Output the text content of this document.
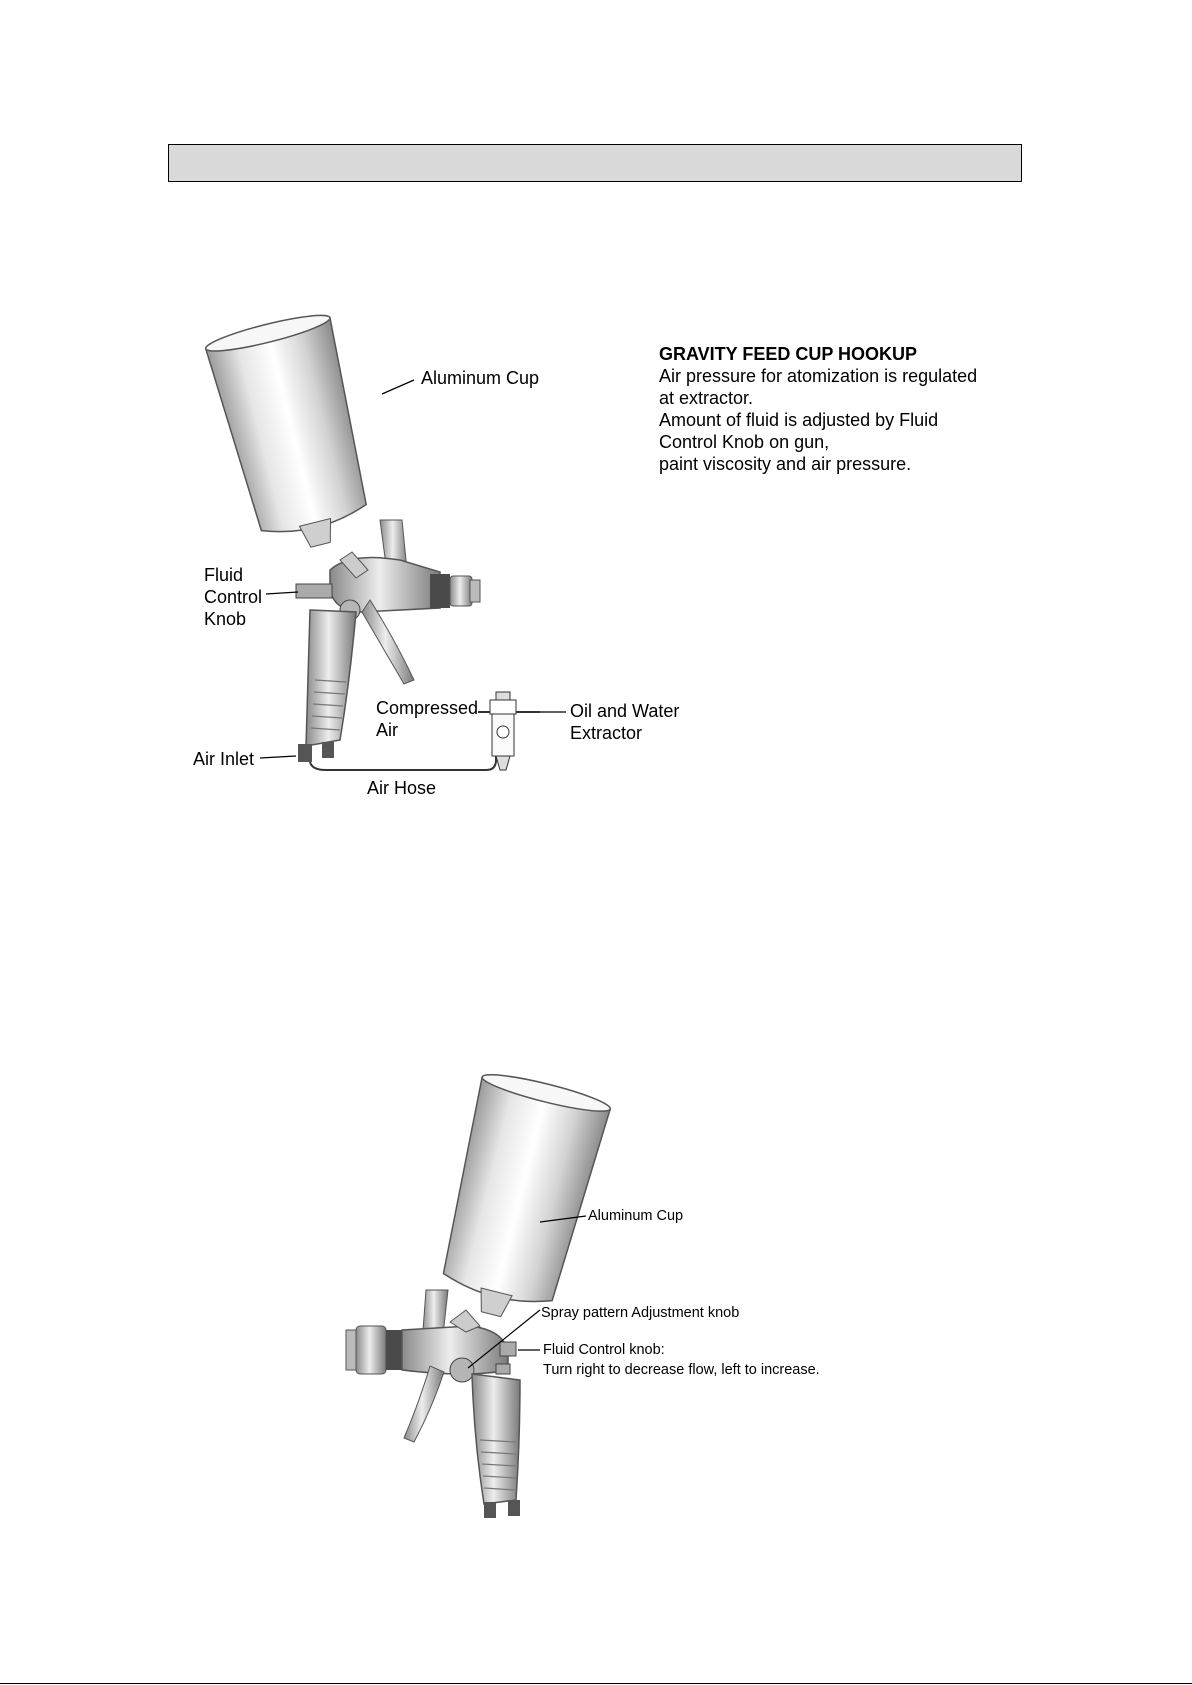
Aluminum Cup
Fluid
Control
Knob
Compressed
Air
Oil and Water
Extractor
Air Inlet
Air Hose
GRAVITY FEED CUP HOOKUP
Air pressure for atomization is regulated
at extractor.
Amount of fluid is adjusted by Fluid
Control Knob on gun,
paint viscosity and air pressure.
Aluminum Cup
Spray pattern Adjustment knob
Fluid Control knob:
Turn right to decrease flow, left to increase.
